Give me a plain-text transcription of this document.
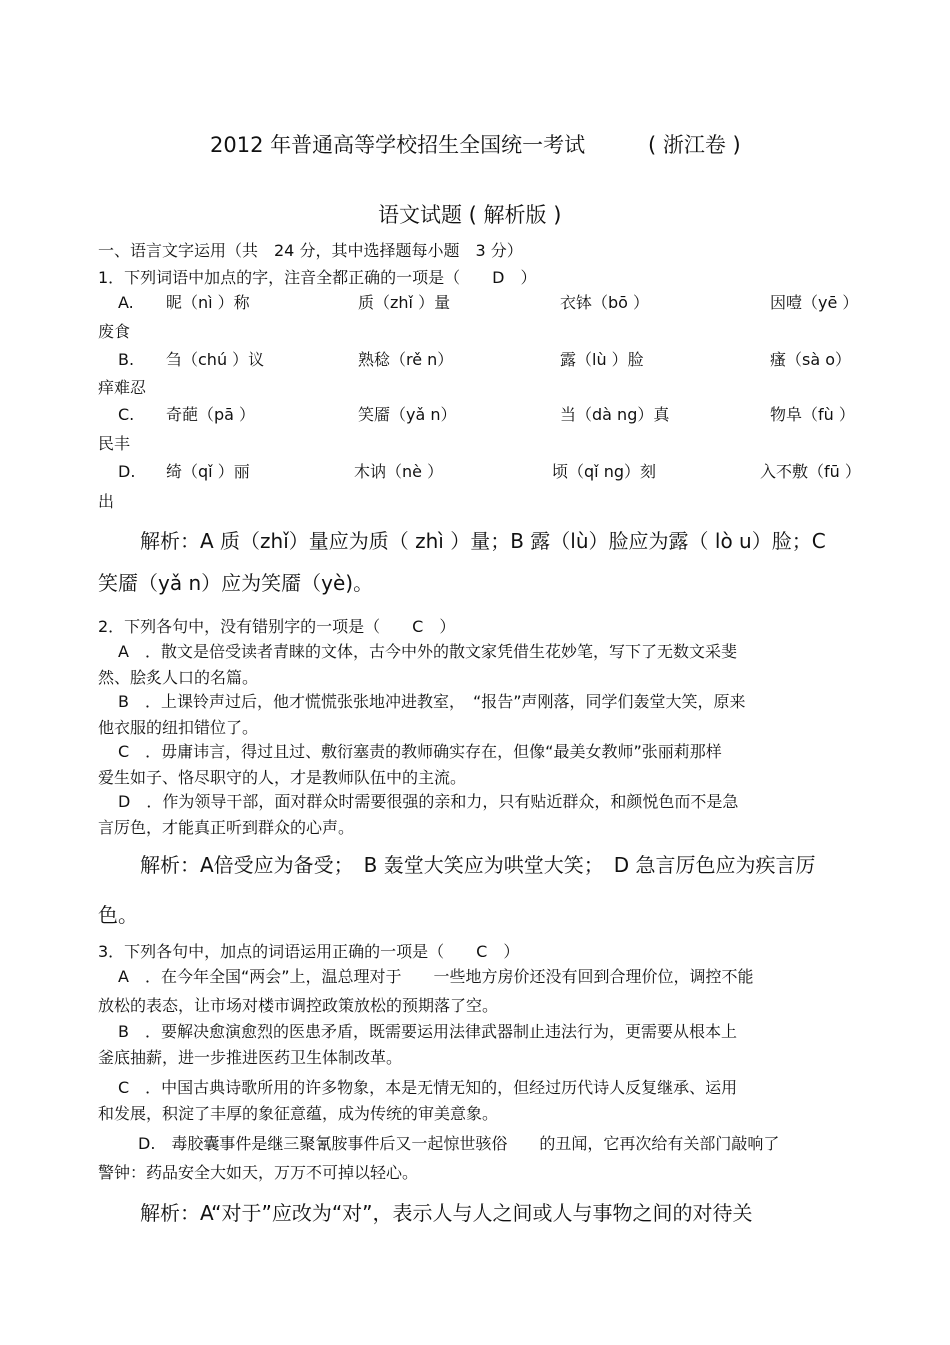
2012 年普通高等学校招生全国统一考试	( 浙江卷 )
语文试题 ( 解析版 )
一、语言文字运用（共　24 分，其中选择题每小题　3 分）
1．下列词语中加点的字，注音全都正确的一项是（　　D　）
A. 昵（nì ）称	质（zhǐ ）量	衣钵（bō ）	因噎（yē ）
废食
B. 刍（chú ）议	熟稔（rě n）	露（lù ）脸	瘙（sà o）
痒难忍
C. 奇葩（pā ）	笑靥（yǎ n）	当（dà ng）真	物阜（fù ）
民丰
D. 绮（qǐ ）丽	木讷（nè ）	顷（qǐ ng）刻	入不敷（fū ）
出
解析：A 质（zhǐ）量应为质（ zhì ）量；B 露（lù）脸应为露（ lò u）脸；C
笑靥（yǎ n）应为笑靥（yè)。
2．下列各句中，没有错别字的一项是（　　C　）
A　．散文是倍受读者青睐的文体，古今中外的散文家凭借生花妙笔，写下了无数文采斐
然、脍炙人口的名篇。
B　．上课铃声过后，他才慌慌张张地冲进教室，　“报告”声刚落，同学们轰堂大笑，原来
他衣服的纽扣错位了。
C　．毋庸讳言，得过且过、敷衍塞责的教师确实存在，但像“最美女教师”张丽莉那样
爱生如子、恪尽职守的人，才是教师队伍中的主流。
D　．作为领导干部，面对群众时需要很强的亲和力，只有贴近群众，和颜悦色而不是急
言厉色，才能真正听到群众的心声。
解析：A倍受应为备受；　B 轰堂大笑应为哄堂大笑；　D 急言厉色应为疾言厉
色。
3．下列各句中，加点的词语运用正确的一项是（　　C　）
A　．在今年全国“两会”上，温总理对于　　一些地方房价还没有回到合理价位，调控不能
放松的表态，让市场对楼市调控政策放松的预期落了空。
B　．要解决愈演愈烈的医患矛盾，既需要运用法律武器制止违法行为，更需要从根本上
釜底抽薪，进一步推进医药卫生体制改革。
C　．中国古典诗歌所用的许多物象，本是无情无知的，但经过历代诗人反复继承、运用
和发展，积淀了丰厚的象征意蕴，成为传统的审美意象。
D.　毒胶囊事件是继三聚氰胺事件后又一起惊世骇俗　　的丑闻，它再次给有关部门敲响了
警钟：药品安全大如天，万万不可掉以轻心。
解析：A“对于”应改为“对”，表示人与人之间或人与事物之间的对待关
